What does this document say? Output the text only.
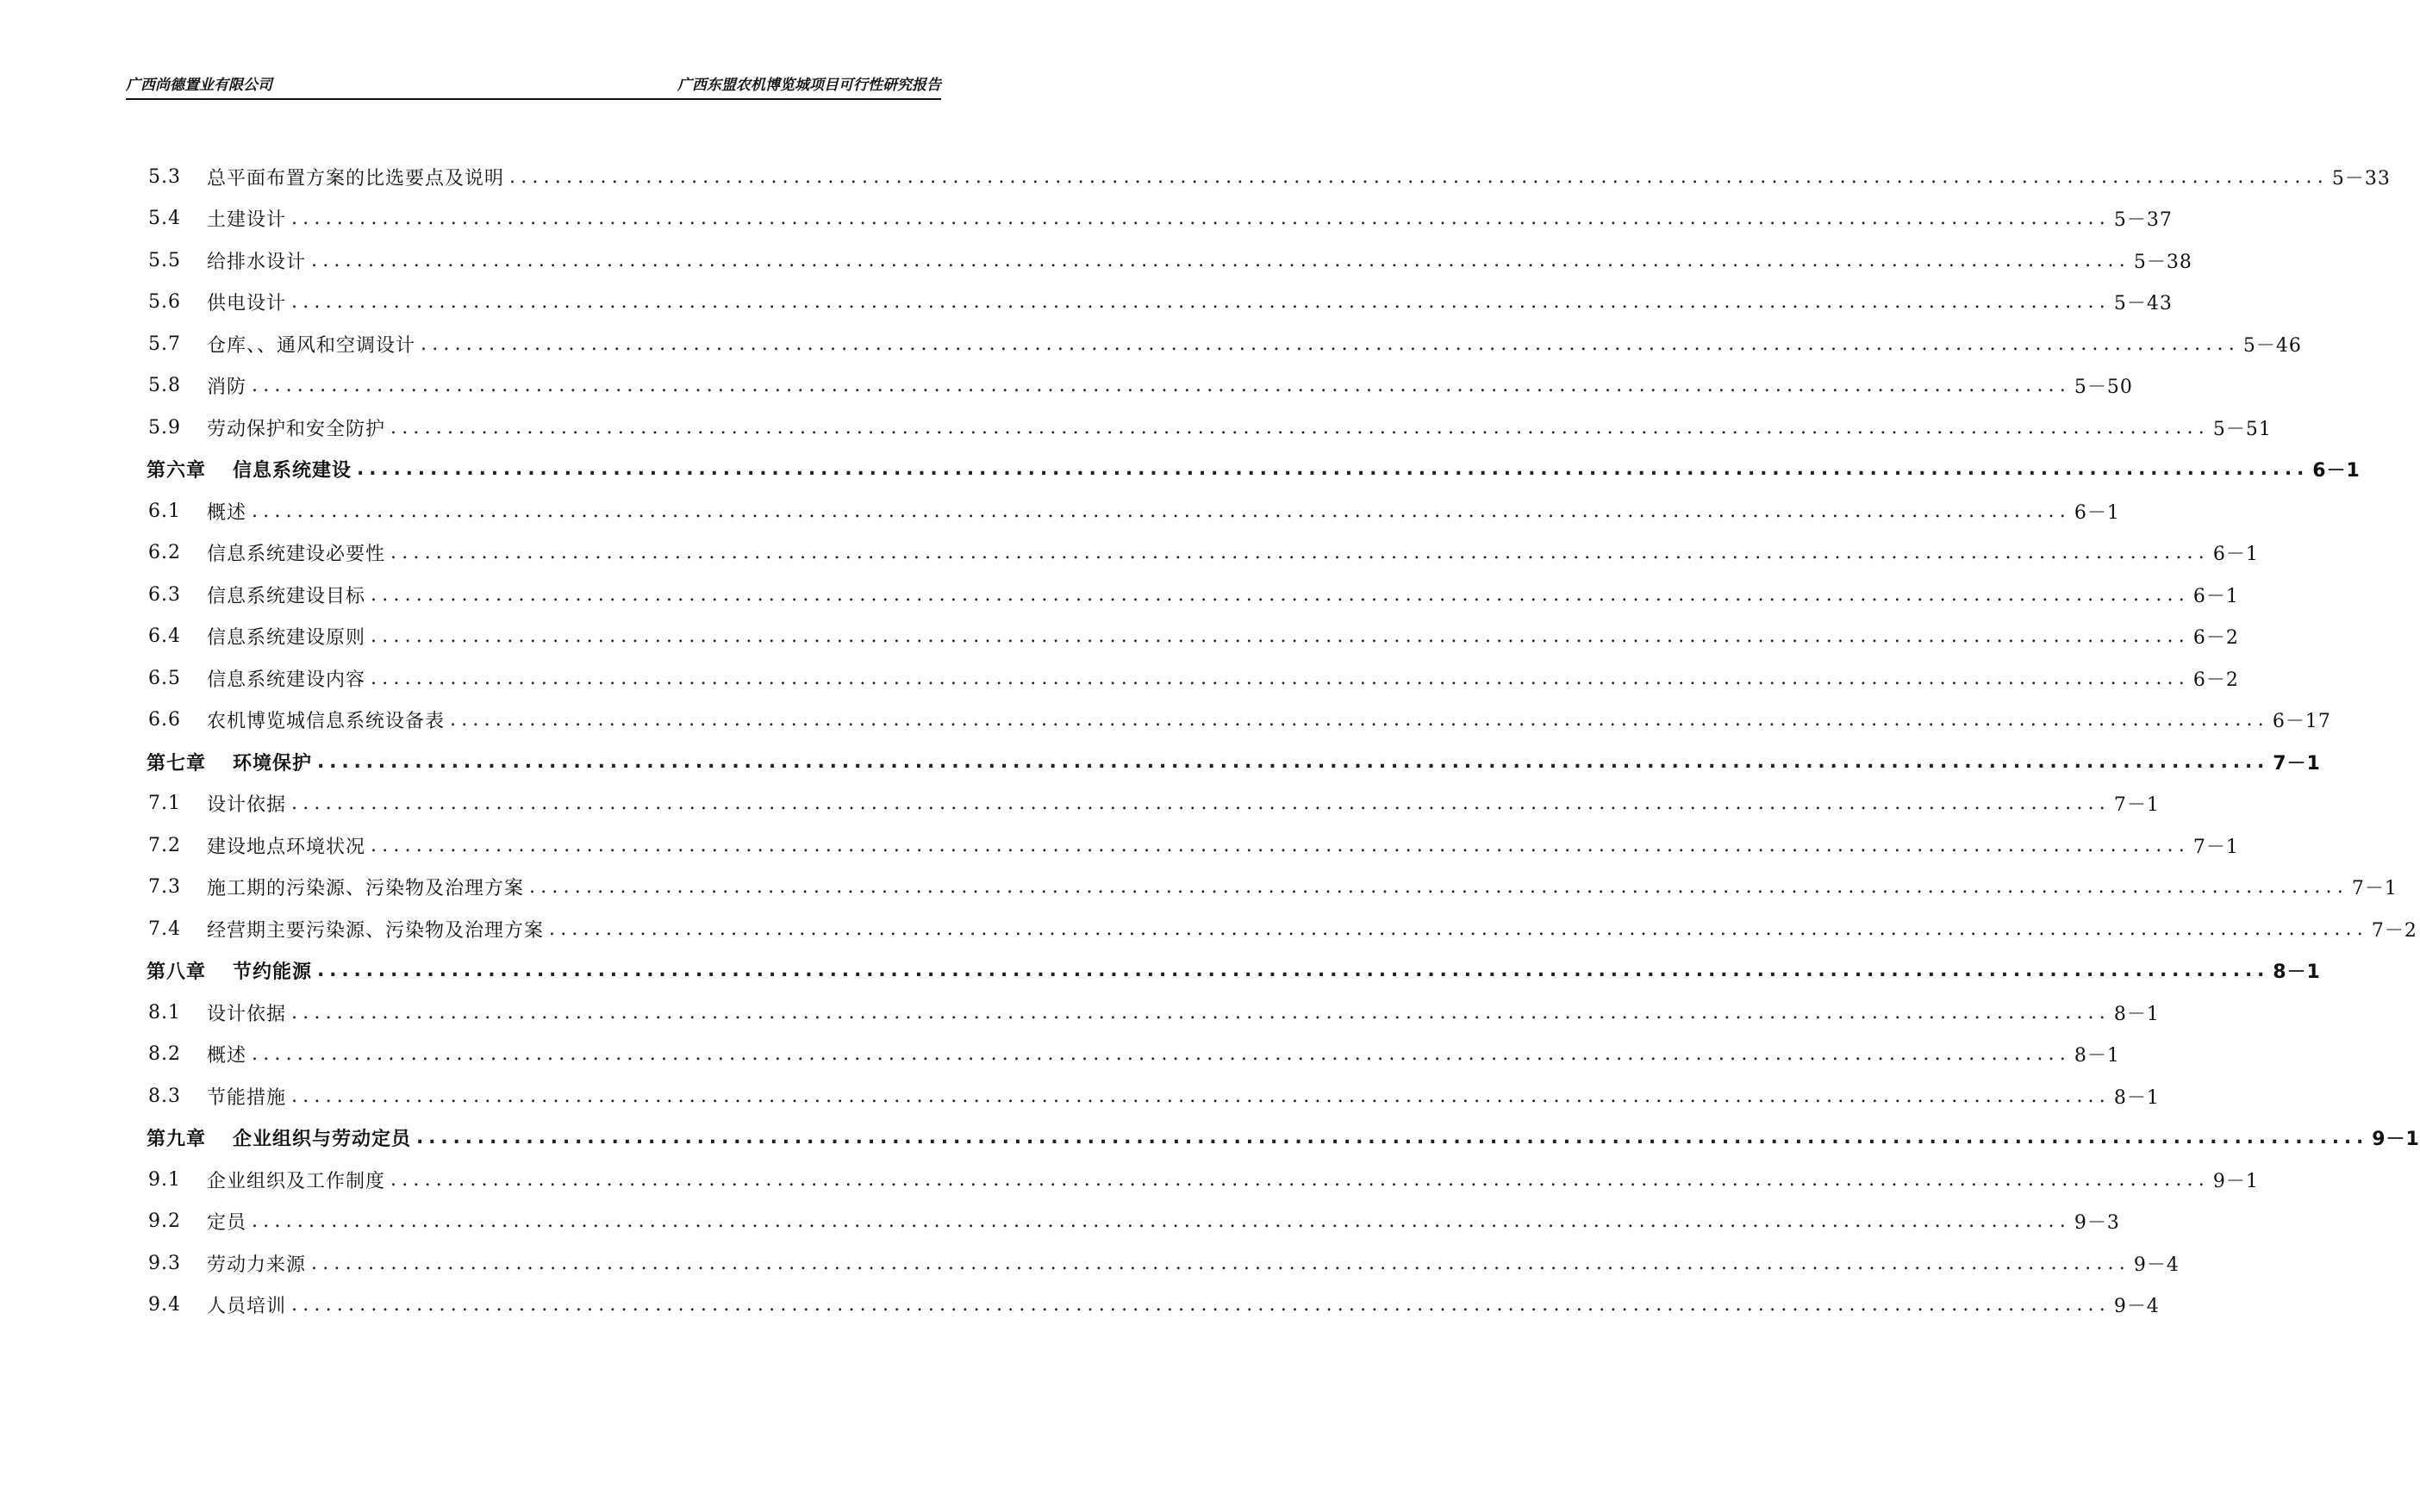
广西尚德置业有限公司	广西东盟农机博览城项目可行性研究报告
5.3	总平面布置方案的比选要点及说明 ................................................................................................................................................................ 5－33
5.4	土建设计 ................................................................................................................................................................ 5－37
5.5	给排水设计 ................................................................................................................................................................ 5－38
5.6	供电设计 ................................................................................................................................................................ 5－43
5.7	仓库、、通风和空调设计 ................................................................................................................................................................ 5－46
5.8	消防 ................................................................................................................................................................ 5－50
5.9	劳动保护和安全防护 ................................................................................................................................................................ 5－51
第六章	信息系统建设 ................................................................................................................................................................ 6－1
6.1	概述 ................................................................................................................................................................ 6－1
6.2	信息系统建设必要性 ................................................................................................................................................................ 6－1
6.3	信息系统建设目标 ................................................................................................................................................................ 6－1
6.4	信息系统建设原则 ................................................................................................................................................................ 6－2
6.5	信息系统建设内容 ................................................................................................................................................................ 6－2
6.6	农机博览城信息系统设备表 ................................................................................................................................................................ 6－17
第七章	环境保护 ................................................................................................................................................................ 7－1
7.1	设计依据 ................................................................................................................................................................ 7－1
7.2	建设地点环境状况 ................................................................................................................................................................ 7－1
7.3	施工期的污染源、污染物及治理方案 ................................................................................................................................................................ 7－1
7.4	经营期主要污染源、污染物及治理方案 ................................................................................................................................................................ 7－2
第八章	节约能源 ................................................................................................................................................................ 8－1
8.1	设计依据 ................................................................................................................................................................ 8－1
8.2	概述 ................................................................................................................................................................ 8－1
8.3	节能措施 ................................................................................................................................................................ 8－1
第九章	企业组织与劳动定员 ................................................................................................................................................................ 9－1
9.1	企业组织及工作制度 ................................................................................................................................................................ 9－1
9.2	定员 ................................................................................................................................................................ 9－3
9.3	劳动力来源 ................................................................................................................................................................ 9－4
9.4	人员培训 ................................................................................................................................................................ 9－4
